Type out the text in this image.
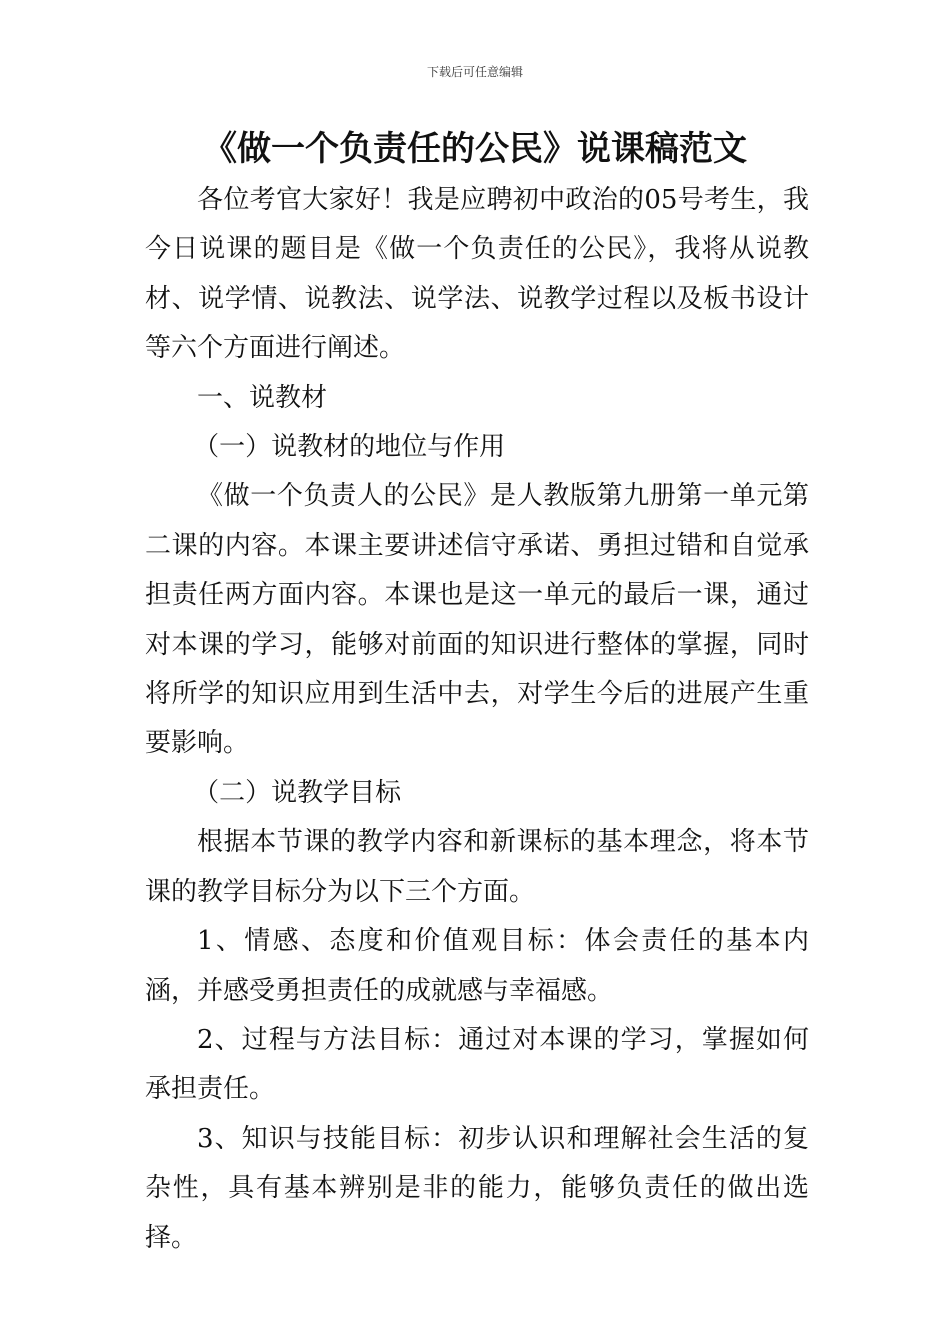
下载后可任意编辑
《做一个负责任的公民》说课稿范文

各位考官大家好！我是应聘初中政治的05号考生，我今日说课的题目是《做一个负责任的公民》，我将从说教材、说学情、说教法、说学法、说教学过程以及板书设计等六个方面进行阐述。

一、说教材

（一）说教材的地位与作用

《做一个负责人的公民》是人教版第九册第一单元第二课的内容。本课主要讲述信守承诺、勇担过错和自觉承担责任两方面内容。本课也是这一单元的最后一课，通过对本课的学习，能够对前面的知识进行整体的掌握，同时将所学的知识应用到生活中去，对学生今后的进展产生重要影响。

（二）说教学目标

根据本节课的教学内容和新课标的基本理念，将本节课的教学目标分为以下三个方面。

1、情感、态度和价值观目标：体会责任的基本内涵，并感受勇担责任的成就感与幸福感。

2、过程与方法目标：通过对本课的学习，掌握如何承担责任。

3、知识与技能目标：初步认识和理解社会生活的复杂性，具有基本辨别是非的能力，能够负责任的做出选择。
